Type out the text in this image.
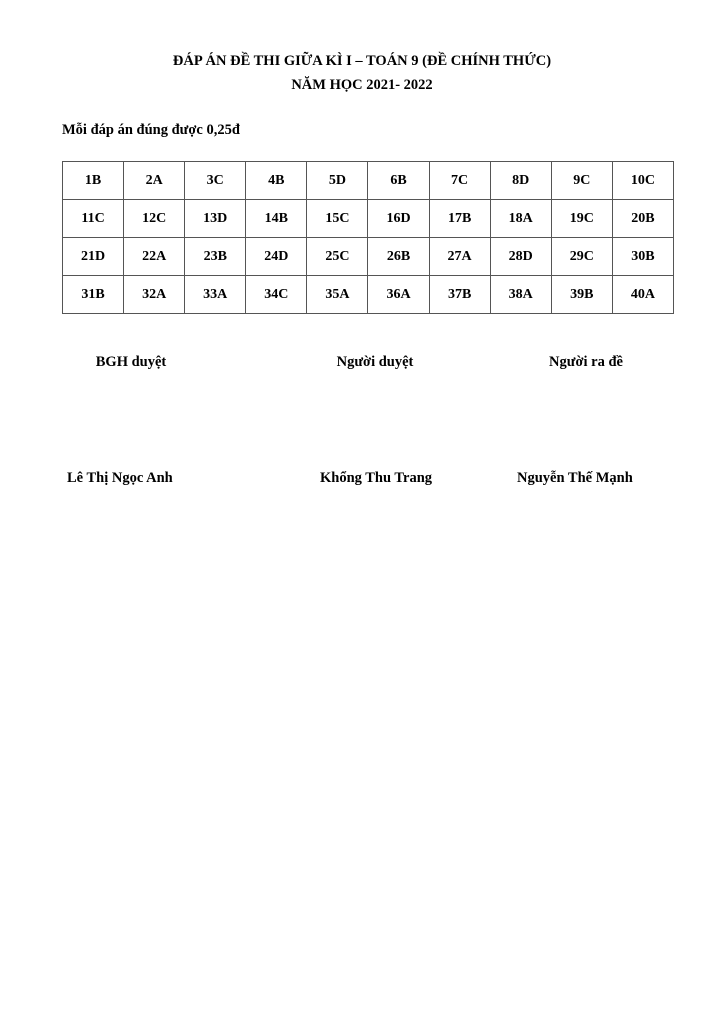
ĐÁP ÁN ĐỀ THI GIỮA KÌ I – TOÁN 9 (ĐỀ CHÍNH THỨC)
NĂM HỌC 2021- 2022
Mỗi đáp án đúng được 0,25đ
1B	2A	3C	4B	5D	6B	7C	8D	9C	10C
11C	12C	13D	14B	15C	16D	17B	18A	19C	20B
21D	22A	23B	24D	25C	26B	27A	28D	29C	30B
31B	32A	33A	34C	35A	36A	37B	38A	39B	40A
BGH duyệt	Người duyệt	Người ra đề
Lê Thị Ngọc Anh	Khổng Thu Trang	Nguyễn Thế Mạnh
